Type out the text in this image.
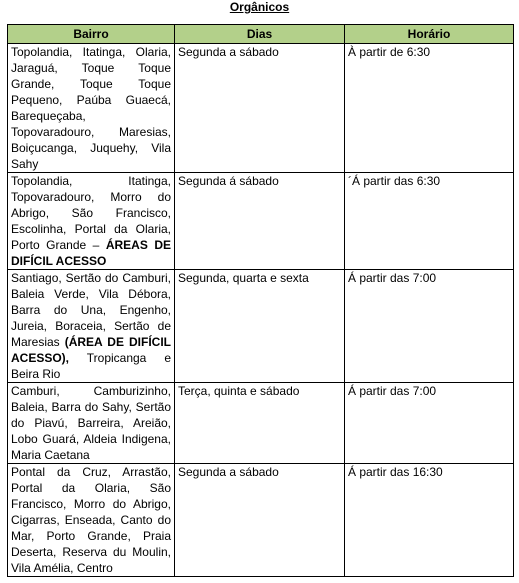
Orgânicos
Bairro	Dias	Horário
Topolandia, Itatinga, Olaria, Jaraguá, Toque Toque Grande, Toque Toque Pequeno, Paúba Guaecá, Barequeçaba, Topovaradouro, Maresias, Boiçucanga, Juquehy, Vila Sahy	Segunda a sábado	À partir de 6:30
Topolandia, Itatinga, Topovaradouro, Morro do Abrigo, São Francisco, Escolinha, Portal da Olaria, Porto Grande – ÁREAS DE DIFÍCIL ACESSO	Segunda á sábado	´Á partir das 6:30
Santiago, Sertão do Camburi, Baleia Verde, Vila Débora, Barra do Una, Engenho, Jureia, Boraceia, Sertão de Maresias (ÁREA DE DIFÍCIL ACESSO), Tropicanga e Beira Rio	Segunda, quarta e sexta	Á partir das 7:00
Camburi, Camburizinho, Baleia, Barra do Sahy, Sertão do Piavú, Barreira, Areião, Lobo Guará, Aldeia Indigena, Maria Caetana	Terça, quinta e sábado	Á partir das 7:00
Pontal da Cruz, Arrastão, Portal da Olaria, São Francisco, Morro do Abrigo, Cigarras, Enseada, Canto do Mar, Porto Grande, Praia Deserta, Reserva du Moulin, Vila Amélia, Centro	Segunda a sábado	Á partir das 16:30
